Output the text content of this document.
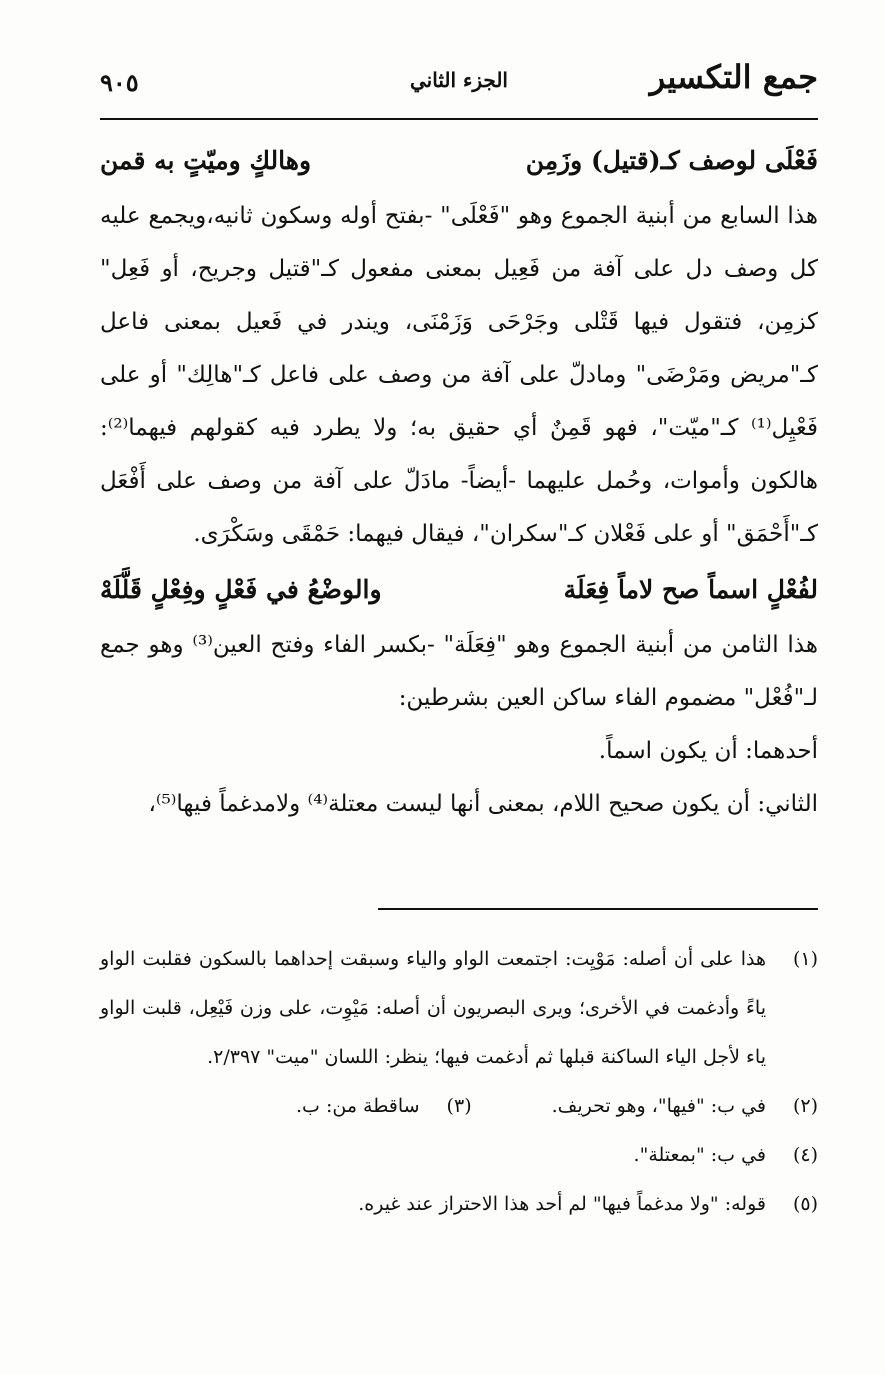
جمع التكسير
الجزء الثاني
٩٠٥
فَعْلَى لوصف كـ(قتيل) وزَمِن
وهالكٍ وميّتٍ به قمن

هذا السابع من أبنية الجموع وهو "فَعْلَى" -بفتح أوله وسكون ثانيه،ويجمع عليه كل وصف دل على آفة من فَعِيل بمعنى مفعول كـ"قتيل وجريح، أو فَعِل" كزمِن، فتقول فيها قَتْلى وجَرْحَى وَزَمْنَى، ويندر في فَعيل بمعنى فاعل كـ"مريض ومَرْضَى" ومادلّ على آفة من وصف على فاعل كـ"هالِك" أو على فَعْيِل⁽¹⁾ كـ"ميّت"، فهو قَمِنٌ أي حقيق به؛ ولا يطرد فيه كقولهم فيهما⁽²⁾: هالكون وأموات، وحُمل عليهما -أيضاً- مادَلّ على آفة من وصف على أَفْعَل كـ"أَحْمَق" أو على فَعْلان كـ"سكران"، فيقال فيهما: حَمْقَى وسَكْرَى.

لفُعْلٍ اسماً صح لاماً فِعَلَة
والوضْعُ في فَعْلٍ وفِعْلٍ قَلَّلَهْ

هذا الثامن من أبنية الجموع وهو "فِعَلَة" -بكسر الفاء وفتح العين⁽³⁾ وهو جمع لـ"فُعْل" مضموم الفاء ساكن العين بشرطين:

أحدهما: أن يكون اسماً.

الثاني: أن يكون صحيح اللام، بمعنى أنها ليست معتلة⁽⁴⁾ ولامدغماً فيها⁽⁵⁾،

(١)
هذا على أن أصله: مَوْيِت: اجتمعت الواو والياء وسبقت إحداهما بالسكون فقلبت الواو ياءً وأدغمت في الأخرى؛ ويرى البصريون أن أصله: مَيْوِت، على وزن فَيْعِل، قلبت الواو ياء لأجل الياء الساكنة قبلها ثم أدغمت فيها؛ ينظر: اللسان "ميت" ٢/٣٩٧.
(٢)
في ب: "فيها"، وهو تحريف.
(٣)
ساقطة من: ب.
(٤)
في ب: "بمعتلة".
(٥)
قوله: "ولا مدغماً فيها" لم أحد هذا الاحتراز عند غيره.
